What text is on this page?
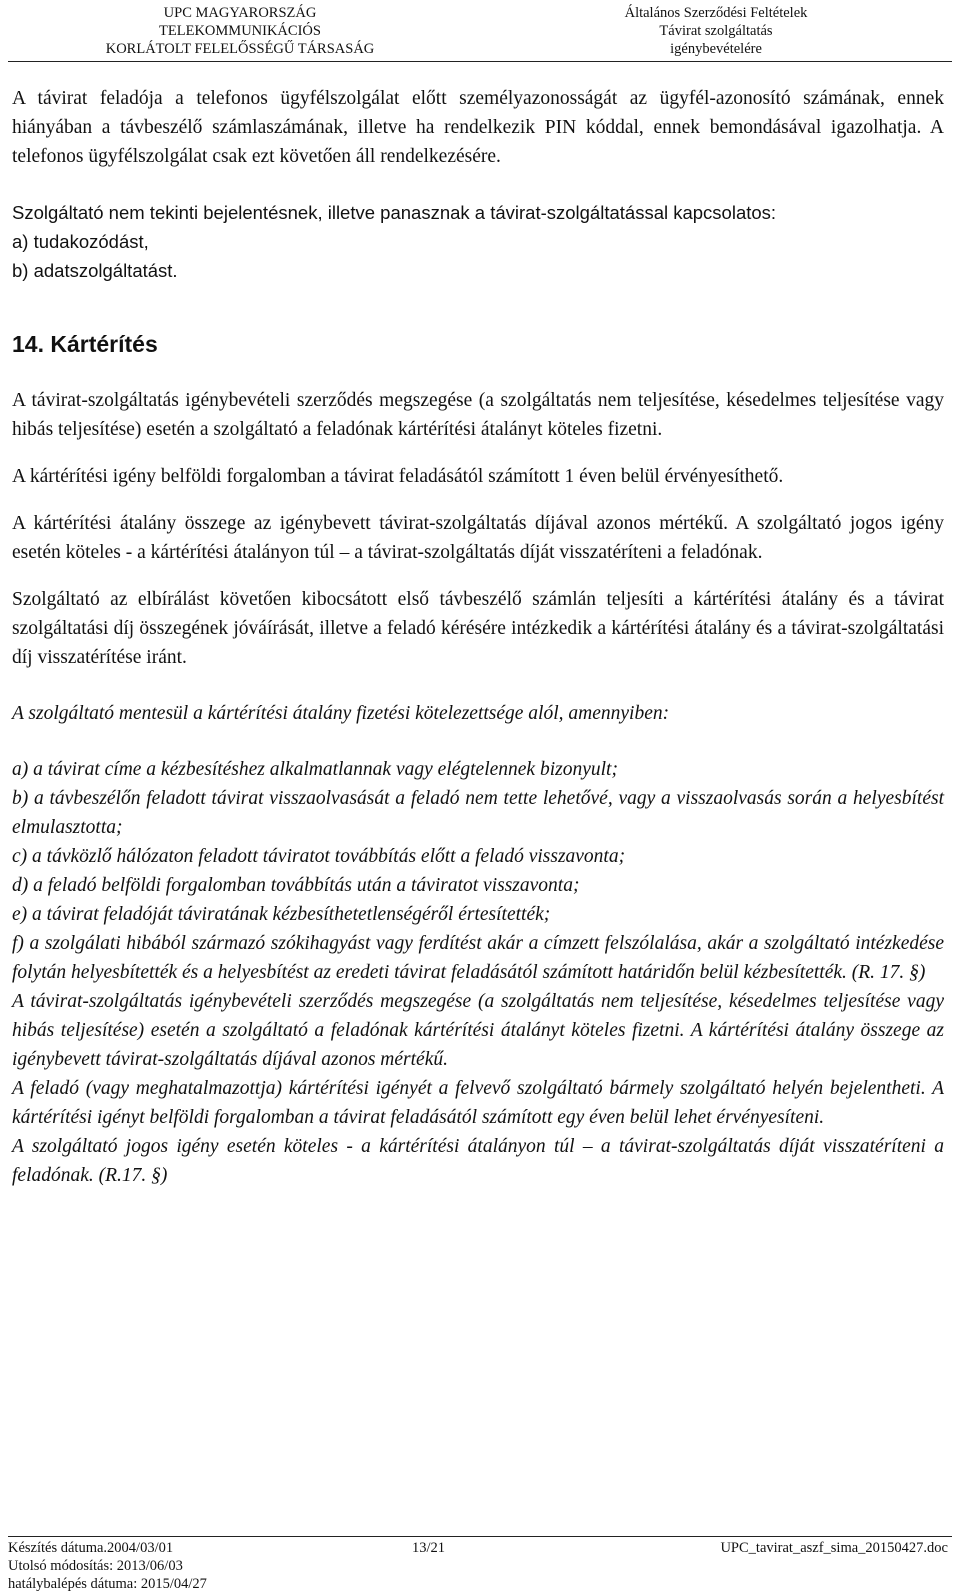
UPC MAGYARORSZÁG
TELEKOMMUNIKÁCIÓS
KORLÁTOLT FELELŐSSÉGŰ TÁRSASÁG
Általános Szerződési Feltételek
Távirat szolgáltatás
igénybevételére

A távirat feladója a telefonos ügyfélszolgálat előtt személyazonosságát az ügyfél-azonosító számának, ennek hiányában a távbeszélő számlaszámának, illetve ha rendelkezik PIN kóddal, ennek bemondásával igazolhatja. A telefonos ügyfélszolgálat csak ezt követően áll rendelkezésére.

Szolgáltató nem tekinti bejelentésnek, illetve panasznak a távirat-szolgáltatással kapcsolatos:

a) tudakozódást,

b) adatszolgáltatást.

14. Kártérítés

A távirat-szolgáltatás igénybevételi szerződés megszegése (a szolgáltatás nem teljesítése, késedelmes teljesítése vagy hibás teljesítése) esetén a szolgáltató a feladónak kártérítési átalányt köteles fizetni.

A kártérítési igény belföldi forgalomban a távirat feladásától számított 1 éven belül érvényesíthető.

A kártérítési átalány összege az igénybevett távirat-szolgáltatás díjával azonos mértékű. A szolgáltató jogos igény esetén köteles - a kártérítési átalányon túl – a távirat-szolgáltatás díját visszatéríteni a feladónak.

Szolgáltató az elbírálást követően kibocsátott első távbeszélő számlán teljesíti a kártérítési átalány és a távirat szolgáltatási díj összegének jóváírását, illetve a feladó kérésére intézkedik a kártérítési átalány és a távirat-szolgáltatási díj visszatérítése iránt.

A szolgáltató mentesül a kártérítési átalány fizetési kötelezettsége alól, amennyiben:

a) a távirat címe a kézbesítéshez alkalmatlannak vagy elégtelennek bizonyult;

b) a távbeszélőn feladott távirat visszaolvasását a feladó nem tette lehetővé, vagy a visszaolvasás során a helyesbítést elmulasztotta;

c) a távközlő hálózaton feladott táviratot továbbítás előtt a feladó visszavonta;

d) a feladó belföldi forgalomban továbbítás után a táviratot visszavonta;

e) a távirat feladóját táviratának kézbesíthetetlenségéről értesítették;

f) a szolgálati hibából származó szókihagyást vagy ferdítést akár a címzett felszólalása, akár a szolgáltató intézkedése folytán helyesbítették és a helyesbítést az eredeti távirat feladásától számított határidőn belül kézbesítették. (R. 17. §)

A távirat-szolgáltatás igénybevételi szerződés megszegése (a szolgáltatás nem teljesítése, késedelmes teljesítése vagy hibás teljesítése) esetén a szolgáltató a feladónak kártérítési átalányt köteles fizetni. A kártérítési átalány összege az igénybevett távirat-szolgáltatás díjával azonos mértékű.

A feladó (vagy meghatalmazottja) kártérítési igényét a felvevő szolgáltató bármely szolgáltató helyén bejelentheti. A kártérítési igényt belföldi forgalomban a távirat feladásától számított egy éven belül lehet érvényesíteni.

A szolgáltató jogos igény esetén köteles - a kártérítési átalányon túl – a távirat-szolgáltatás díját visszatéríteni a feladónak. (R.17. §)

Készítés dátuma.2004/03/01
Utolsó módosítás: 2013/06/03
hatálybalépés dátuma: 2015/04/27
13/21	UPC_tavirat_aszf_sima_20150427.doc
